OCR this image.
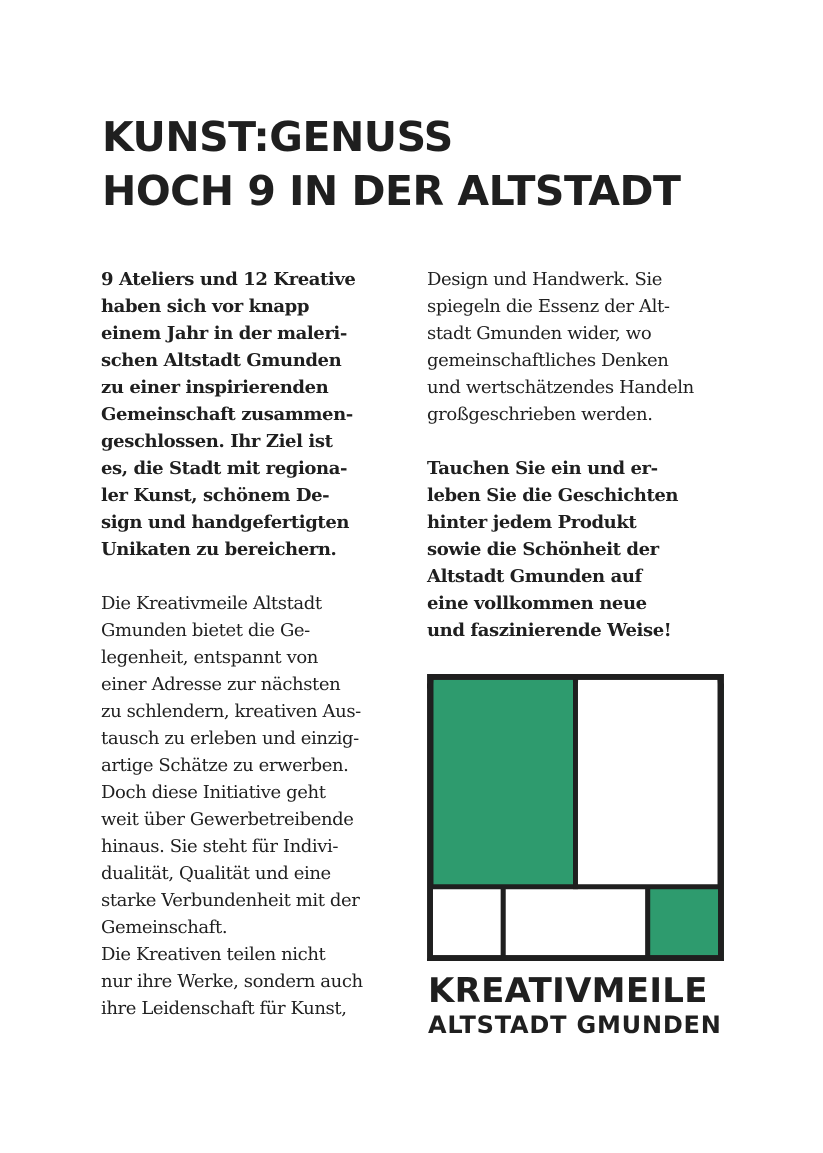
KUNST:GENUSS
HOCH 9 IN DER ALTSTADT
9 Ateliers und 12 Kreative
haben sich vor knapp
einem Jahr in der maleri-
schen Altstadt Gmunden
zu einer inspirierenden
Gemeinschaft zusammen-
geschlossen. Ihr Ziel ist
es, die Stadt mit regiona-
ler Kunst, schönem De-
sign und handgefertigten
Unikaten zu bereichern.
Die Kreativmeile Altstadt
Gmunden bietet die Ge-
legenheit, entspannt von
einer Adresse zur nächsten
zu schlendern, kreativen Aus-
tausch zu erleben und einzig-
artige Schätze zu erwerben.
Doch diese Initiative geht
weit über Gewerbetreibende
hinaus. Sie steht für Indivi-
dualität, Qualität und eine
starke Verbundenheit mit der
Gemeinschaft.
Die Kreativen teilen nicht
nur ihre Werke, sondern auch
ihre Leidenschaft für Kunst,
Design und Handwerk. Sie
spiegeln die Essenz der Alt-
stadt Gmunden wider, wo
gemeinschaftliches Denken
und wertschätzendes Handeln
großgeschrieben werden.
Tauchen Sie ein und er-
leben Sie die Geschichten
hinter jedem Produkt
sowie die Schönheit der
Altstadt Gmunden auf
eine vollkommen neue
und faszinierende Weise!
KREATIVMEILE
ALTSTADT GMUNDEN
